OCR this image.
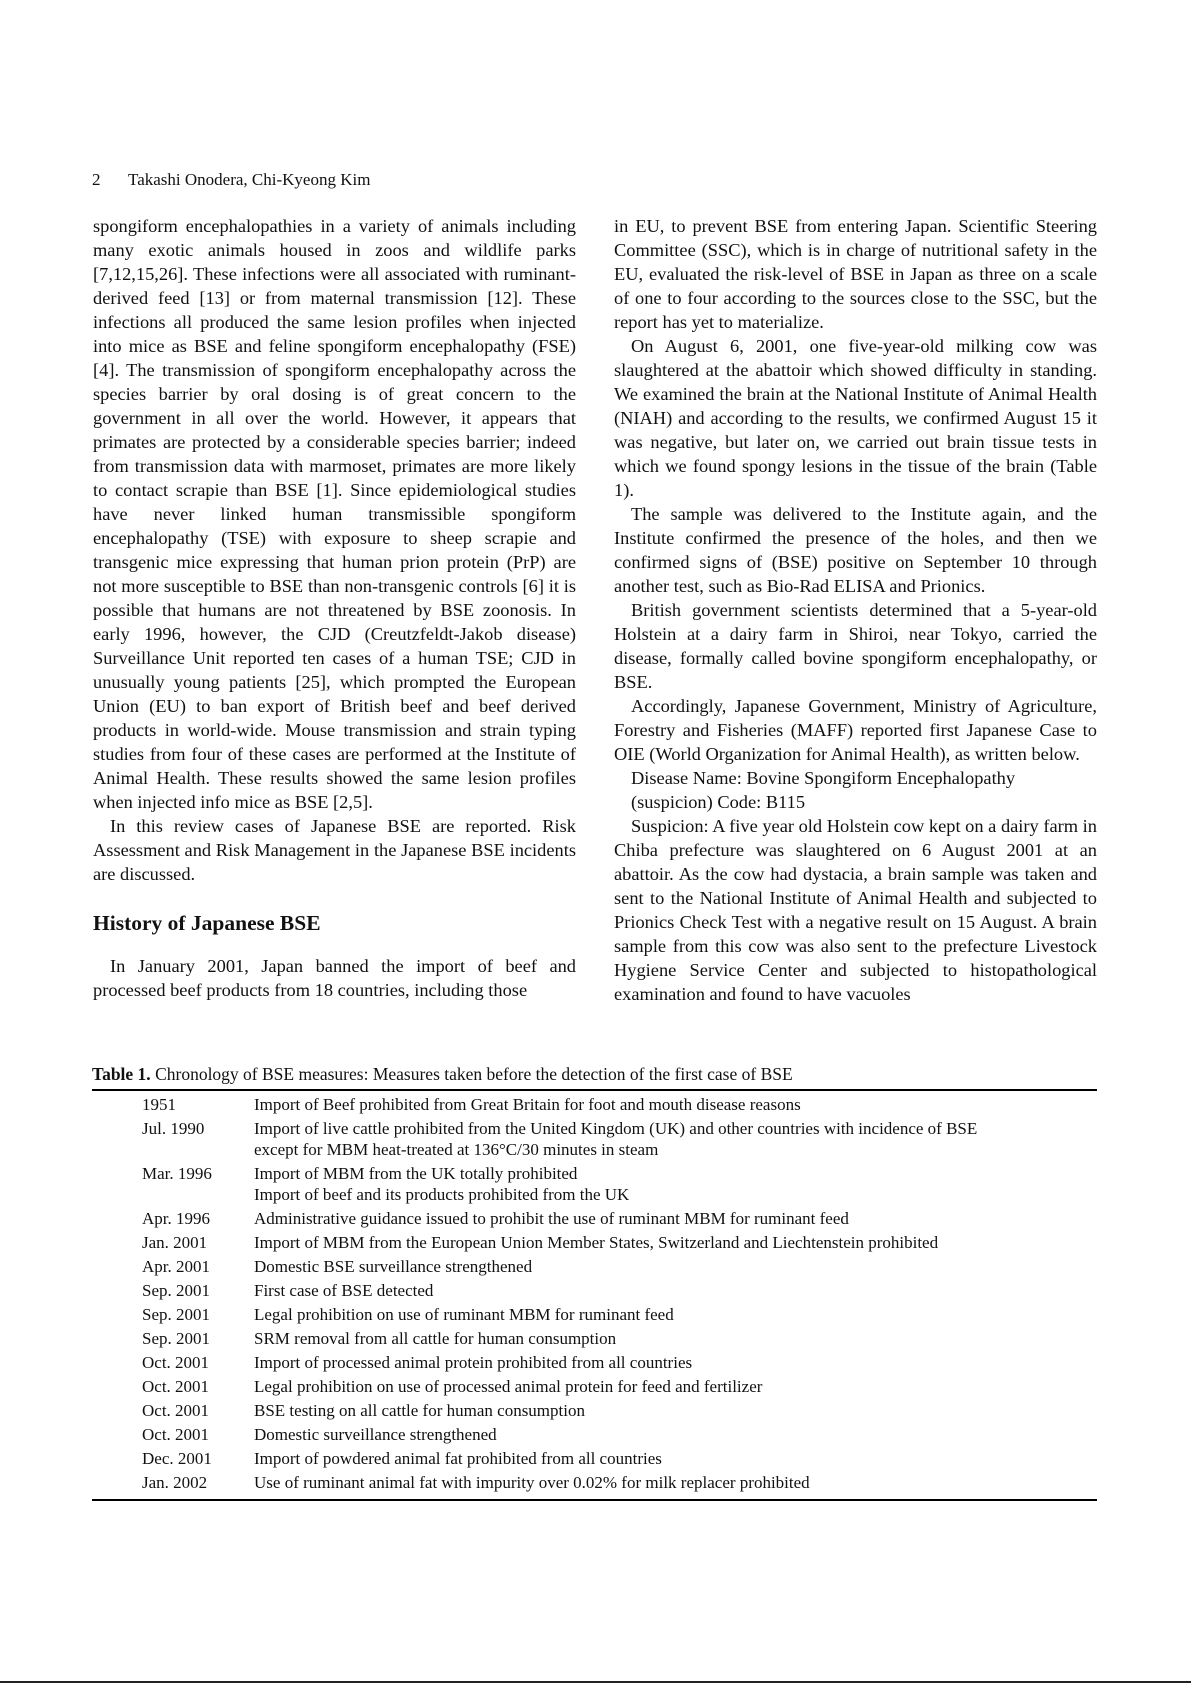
2 Takashi Onodera, Chi-Kyeong Kim

spongiform encephalopathies in a variety of animals including many exotic animals housed in zoos and wildlife parks [7,12,15,26]. These infections were all associated with ruminant-derived feed [13] or from maternal transmission [12]. These infections all produced the same lesion profiles when injected into mice as BSE and feline spongiform encephalopathy (FSE) [4]. The transmission of spongiform encephalopathy across the species barrier by oral dosing is of great concern to the government in all over the world. However, it appears that primates are protected by a considerable species barrier; indeed from transmission data with marmoset, primates are more likely to contact scrapie than BSE [1]. Since epidemiological studies have never linked human transmissible spongiform encephalopathy (TSE) with exposure to sheep scrapie and transgenic mice expressing that human prion protein (PrP) are not more susceptible to BSE than non-transgenic controls [6] it is possible that humans are not threatened by BSE zoonosis. In early 1996, however, the CJD (Creutzfeldt-Jakob disease) Surveillance Unit reported ten cases of a human TSE; CJD in unusually young patients [25], which prompted the European Union (EU) to ban export of British beef and beef derived products in world-wide. Mouse transmission and strain typing studies from four of these cases are performed at the Institute of Animal Health. These results showed the same lesion profiles when injected info mice as BSE [2,5].

In this review cases of Japanese BSE are reported. Risk Assessment and Risk Management in the Japanese BSE incidents are discussed.

History of Japanese BSE

In January 2001, Japan banned the import of beef and processed beef products from 18 countries, including those

in EU, to prevent BSE from entering Japan. Scientific Steering Committee (SSC), which is in charge of nutritional safety in the EU, evaluated the risk-level of BSE in Japan as three on a scale of one to four according to the sources close to the SSC, but the report has yet to materialize.

On August 6, 2001, one five-year-old milking cow was slaughtered at the abattoir which showed difficulty in standing. We examined the brain at the National Institute of Animal Health (NIAH) and according to the results, we confirmed August 15 it was negative, but later on, we carried out brain tissue tests in which we found spongy lesions in the tissue of the brain (Table 1).

The sample was delivered to the Institute again, and the Institute confirmed the presence of the holes, and then we confirmed signs of (BSE) positive on September 10 through another test, such as Bio-Rad ELISA and Prionics.

British government scientists determined that a 5-year-old Holstein at a dairy farm in Shiroi, near Tokyo, carried the disease, formally called bovine spongiform encephalopathy, or BSE.

Accordingly, Japanese Government, Ministry of Agriculture, Forestry and Fisheries (MAFF) reported first Japanese Case to OIE (World Organization for Animal Health), as written below.

Disease Name: Bovine Spongiform Encephalopathy
(suspicion) Code: B115

Suspicion: A five year old Holstein cow kept on a dairy farm in Chiba prefecture was slaughtered on 6 August 2001 at an abattoir. As the cow had dystacia, a brain sample was taken and sent to the National Institute of Animal Health and subjected to Prionics Check Test with a negative result on 15 August. A brain sample from this cow was also sent to the prefecture Livestock Hygiene Service Center and subjected to histopathological examination and found to have vacuoles

Table 1. Chronology of BSE measures: Measures taken before the detection of the first case of BSE
1951	Import of Beef prohibited from Great Britain for foot and mouth disease reasons

Jul. 1990	Import of live cattle prohibited from the United Kingdom (UK) and other countries with incidence of BSE
except for MBM heat-treated at 136°C/30 minutes in steam

Mar. 1996	Import of MBM from the UK totally prohibited
Import of beef and its products prohibited from the UK

Apr. 1996	Administrative guidance issued to prohibit the use of ruminant MBM for ruminant feed

Jan. 2001	Import of MBM from the European Union Member States, Switzerland and Liechtenstein prohibited

Apr. 2001	Domestic BSE surveillance strengthened

Sep. 2001	First case of BSE detected

Sep. 2001	Legal prohibition on use of ruminant MBM for ruminant feed

Sep. 2001	SRM removal from all cattle for human consumption

Oct. 2001	Import of processed animal protein prohibited from all countries

Oct. 2001	Legal prohibition on use of processed animal protein for feed and fertilizer

Oct. 2001	BSE testing on all cattle for human consumption

Oct. 2001	Domestic surveillance strengthened

Dec. 2001	Import of powdered animal fat prohibited from all countries

Jan. 2002	Use of ruminant animal fat with impurity over 0.02% for milk replacer prohibited
